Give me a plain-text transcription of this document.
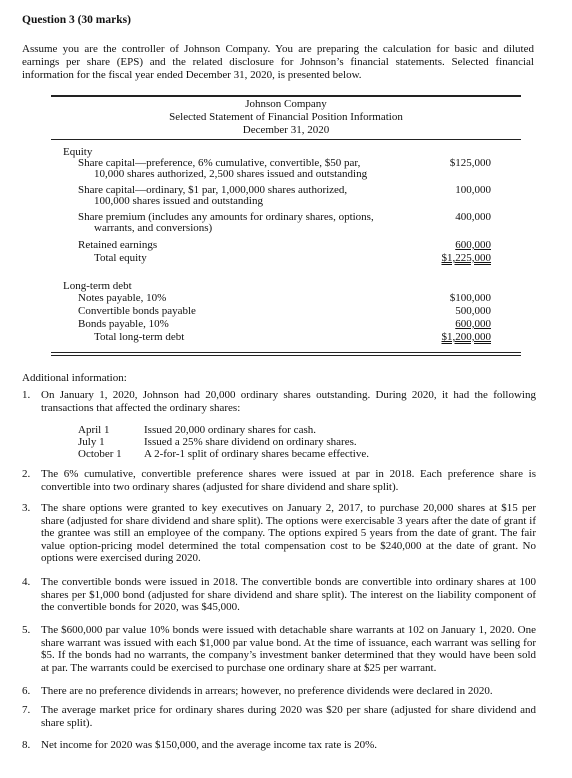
Question 3 (30 marks)
Assume you are the controller of Johnson Company. You are preparing the calculation for basic and diluted earnings per share (EPS) and the related disclosure for Johnson’s financial statements. Selected financial information for the fiscal year ended December 31, 2020, is presented below.
Johnson Company
Selected Statement of Financial Position Information
December 31, 2020
Equity
Share capital—preference, 6% cumulative, convertible, $50 par,	$125,000
10,000 shares authorized, 2,500 shares issued and outstanding
Share capital—ordinary, $1 par, 1,000,000 shares authorized,	100,000
100,000 shares issued and outstanding
Share premium (includes any amounts for ordinary shares, options,	400,000
warrants, and conversions)
Retained earnings	600,000
Total equity	$1,225,000
Long-term debt
Notes payable, 10%	$100,000
Convertible bonds payable	500,000
Bonds payable, 10%	600,000
Total long-term debt	$1,200,000
Additional information:
1. On January 1, 2020, Johnson had 20,000 ordinary shares outstanding. During 2020, it had the following transactions that affected the ordinary shares:
April 1	Issued 20,000 ordinary shares for cash.
July 1	Issued a 25% share dividend on ordinary shares.
October 1 A 2-for-1 split of ordinary shares became effective.
2. The 6% cumulative, convertible preference shares were issued at par in 2018. Each preference share is convertible into two ordinary shares (adjusted for share dividend and share split).
3. The share options were granted to key executives on January 2, 2017, to purchase 20,000 shares at $15 per share (adjusted for share dividend and share split). The options were exercisable 3 years after the date of grant if the grantee was still an employee of the company. The options expired 5 years from the date of grant. The fair value option-pricing model determined the total compensation cost to be $240,000 at the date of grant. No options were exercised during 2020.
4. The convertible bonds were issued in 2018. The convertible bonds are convertible into ordinary shares at 100 shares per $1,000 bond (adjusted for share dividend and share split). The interest on the liability component of the convertible bonds for 2020, was $45,000.
5. The $600,000 par value 10% bonds were issued with detachable share warrants at 102 on January 1, 2020. One share warrant was issued with each $1,000 par value bond. At the time of issuance, each warrant was selling for $5. If the bonds had no warrants, the company’s investment banker determined that they would have been sold at par. The warrants could be exercised to purchase one ordinary share at $25 per warrant.
6. There are no preference dividends in arrears; however, no preference dividends were declared in 2020.
7. The average market price for ordinary shares during 2020 was $20 per share (adjusted for share dividend and share split).
8. Net income for 2020 was $150,000, and the average income tax rate is 20%.
